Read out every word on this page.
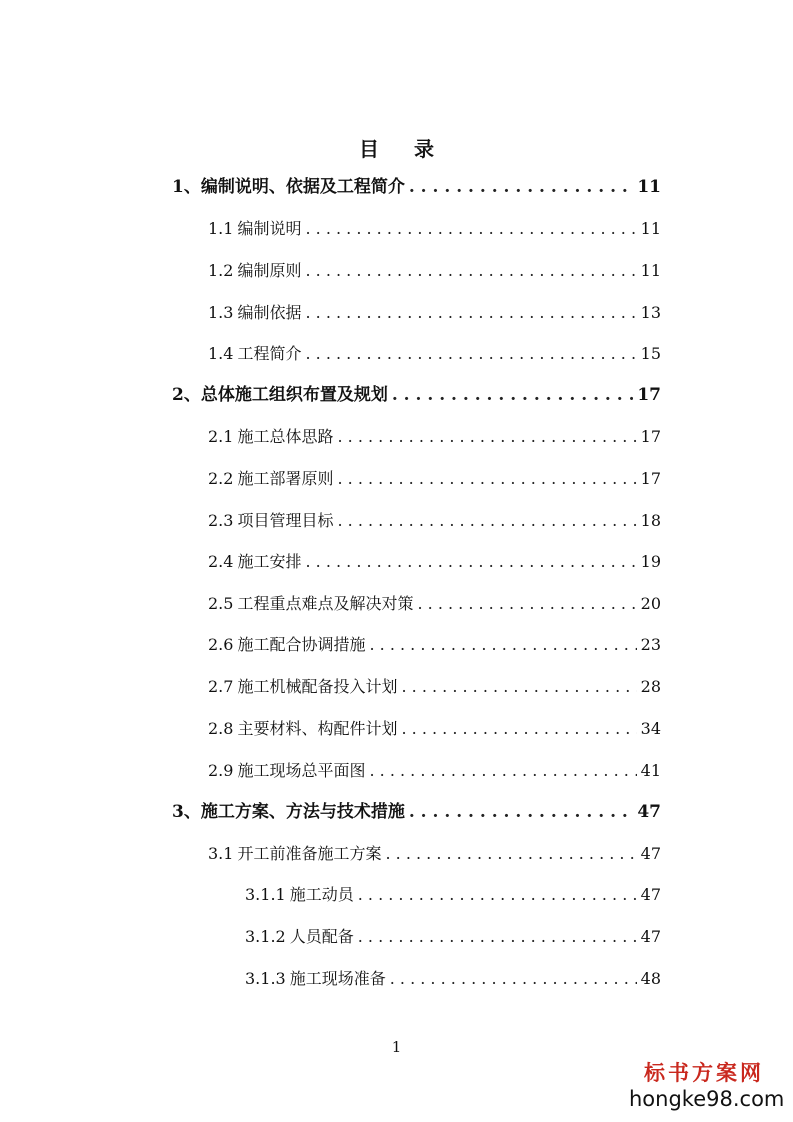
目 录
1、 编制说明、依据及工程简介 . . .	11
1.1 编制说明 . . .	11
1.2 编制原则 . . .	11
1.3 编制依据 . . .	13
1.4 工程简介 . . .	15
2、 总体施工组织布置及规划 . . .	17
2.1 施工总体思路 . . .	17
2.2 施工部署原则 . . .	17
2.3 项目管理目标 . . .	18
2.4 施工安排 . . .	19
2.5 工程重点难点及解决对策 . . .	20
2.6 施工配合协调措施 . . .	23
2.7 施工机械配备投入计划 . . .	28
2.8 主要材料、构配件计划 . . .	34
2.9 施工现场总平面图 . . .	41
3、 施工方案、方法与技术措施 . . .	47
3.1 开工前准备施工方案 . . .	47
3.1.1 施工动员 . . .	47
3.1.2 人员配备 . . .	47
3.1.3 施工现场准备 . . .	48
1
标书方案网
hongke98.com
